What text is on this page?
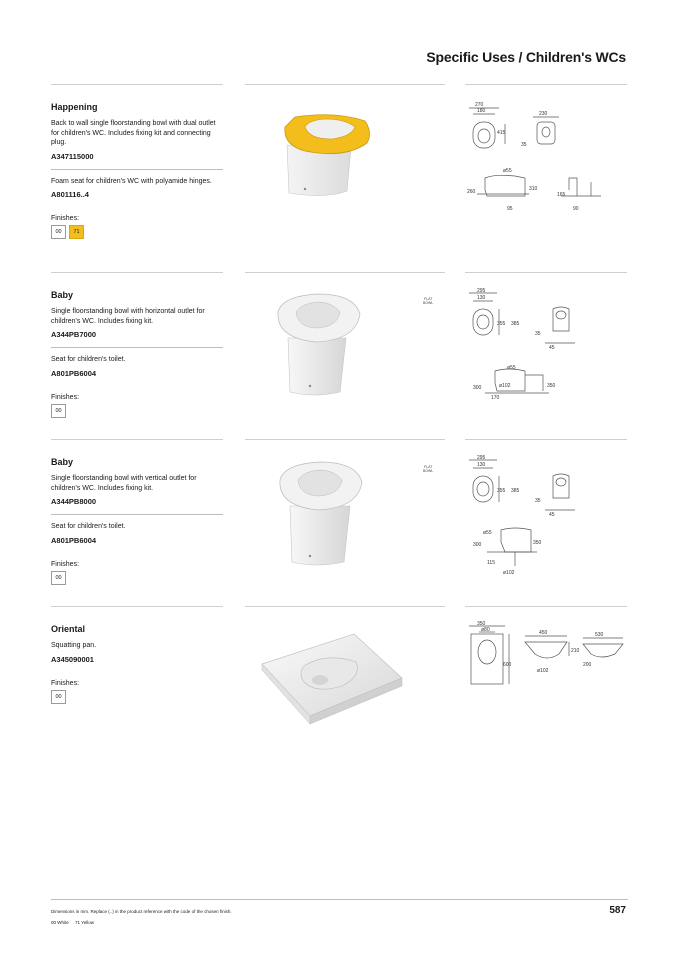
Specific Uses / Children's WCs
Happening
Back to wall single floorstanding bowl with dual outlet for children's WC. Includes fixing kit and connecting plug.
A347115000
Foam seat for children's WC with polyamide hinges.
A801116..4
Finishes:
00	71
270
180
415
230
35
ø55
260	310
165
95	90
Baby
Single floorstanding bowl with horizontal outlet for children's WC. Includes fixing kit.
A344PB7000
Seat for children's toilet.
A801PB6004
Finishes:
00
FLAT
BOWL
295
130
355 385
35
45
ø55
300	ø102
170
350
Baby
Single floorstanding bowl with vertical outlet for children's WC. Includes fixing kit.
A344PB8000
Seat for children's toilet.
A801PB6004
Finishes:
00
FLAT
BOWL
295
130
355 385
35
45
ø55
300	350
115
ø102
Oriental
Squatting pan.
A345090001
Finishes:
00
350
ø80
600
450
210
ø102
530
200
Dimensions in mm. Replace (..) in the product reference with the code of the chosen finish.
00 White     71 Yellow
587
